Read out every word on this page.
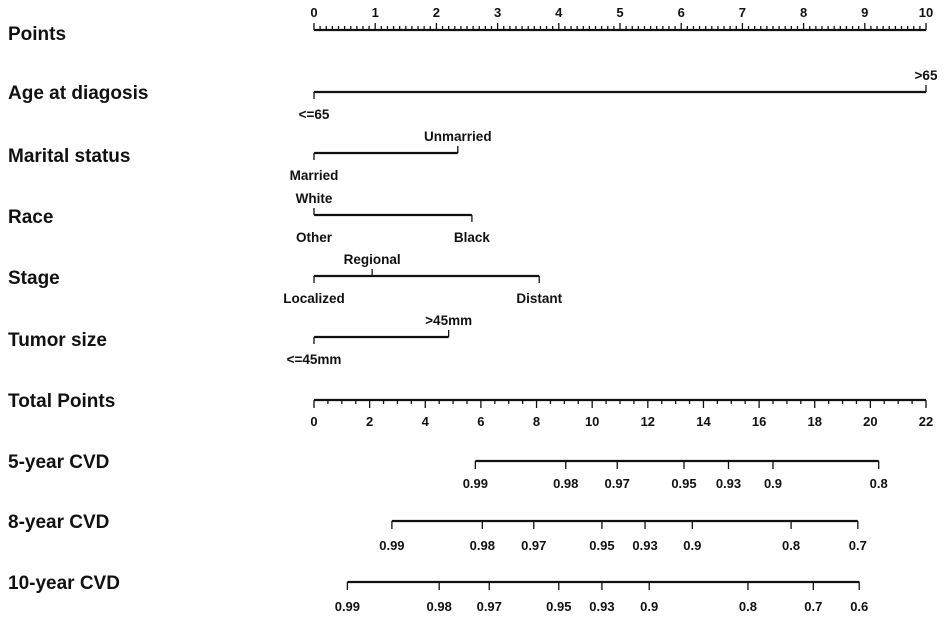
Points
0	1	2	3	4	5	6	7	8	9	10
Age at diagosis
<=65
>65
Marital status
Married
Unmarried
Race
White
Other	Black
Stage
Localized
Regional
Distant
Tumor size
<=45mm
>45mm
Total Points
0	2	4	6	8	10	12	14	16	18	20	22
5-year CVD
0.99	0.98 0.97	0.95 0.93 0.9	0.8
8-year CVD
0.99	0.98 0.97	0.95 0.93 0.9	0.8	0.7
10-year CVD
0.99	0.98 0.97	0.95 0.93 0.9	0.8	0.7 0.6
